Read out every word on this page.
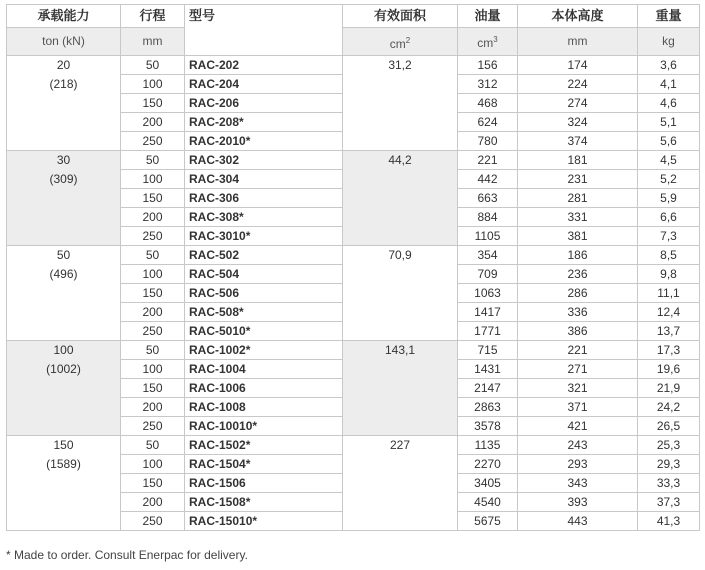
承载能力	行程	型号	有效面积	油量	本体高度	重量
ton (kN)	mm		$cm^2$	$cm^3$	mm	kg
20
(218)	50	RAC-202	31,2	156	174	3,6
	100	RAC-204		312	224	4,1
	150	RAC-206		468	274	4,6
	200	RAC-208*		624	324	5,1
	250	RAC-2010*		780	374	5,6
30
(309)	50	RAC-302	44,2	221	181	4,5
	100	RAC-304		442	231	5,2
	150	RAC-306		663	281	5,9
	200	RAC-308*		884	331	6,6
	250	RAC-3010*		1105	381	7,3
50
(496)	50	RAC-502	70,9	354	186	8,5
	100	RAC-504		709	236	9,8
	150	RAC-506		1063	286	11,1
	200	RAC-508*		1417	336	12,4
	250	RAC-5010*		1771	386	13,7
100
(1002)	50	RAC-1002*	143,1	715	221	17,3
	100	RAC-1004		1431	271	19,6
	150	RAC-1006		2147	321	21,9
	200	RAC-1008		2863	371	24,2
	250	RAC-10010*		3578	421	26,5
150
(1589)	50	RAC-1502*	227	1135	243	25,3
	100	RAC-1504*		2270	293	29,3
	150	RAC-1506		3405	343	33,3
	200	RAC-1508*		4540	393	37,3
	250	RAC-15010*		5675	443	41,3
* Made to order. Consult Enerpac for delivery.
